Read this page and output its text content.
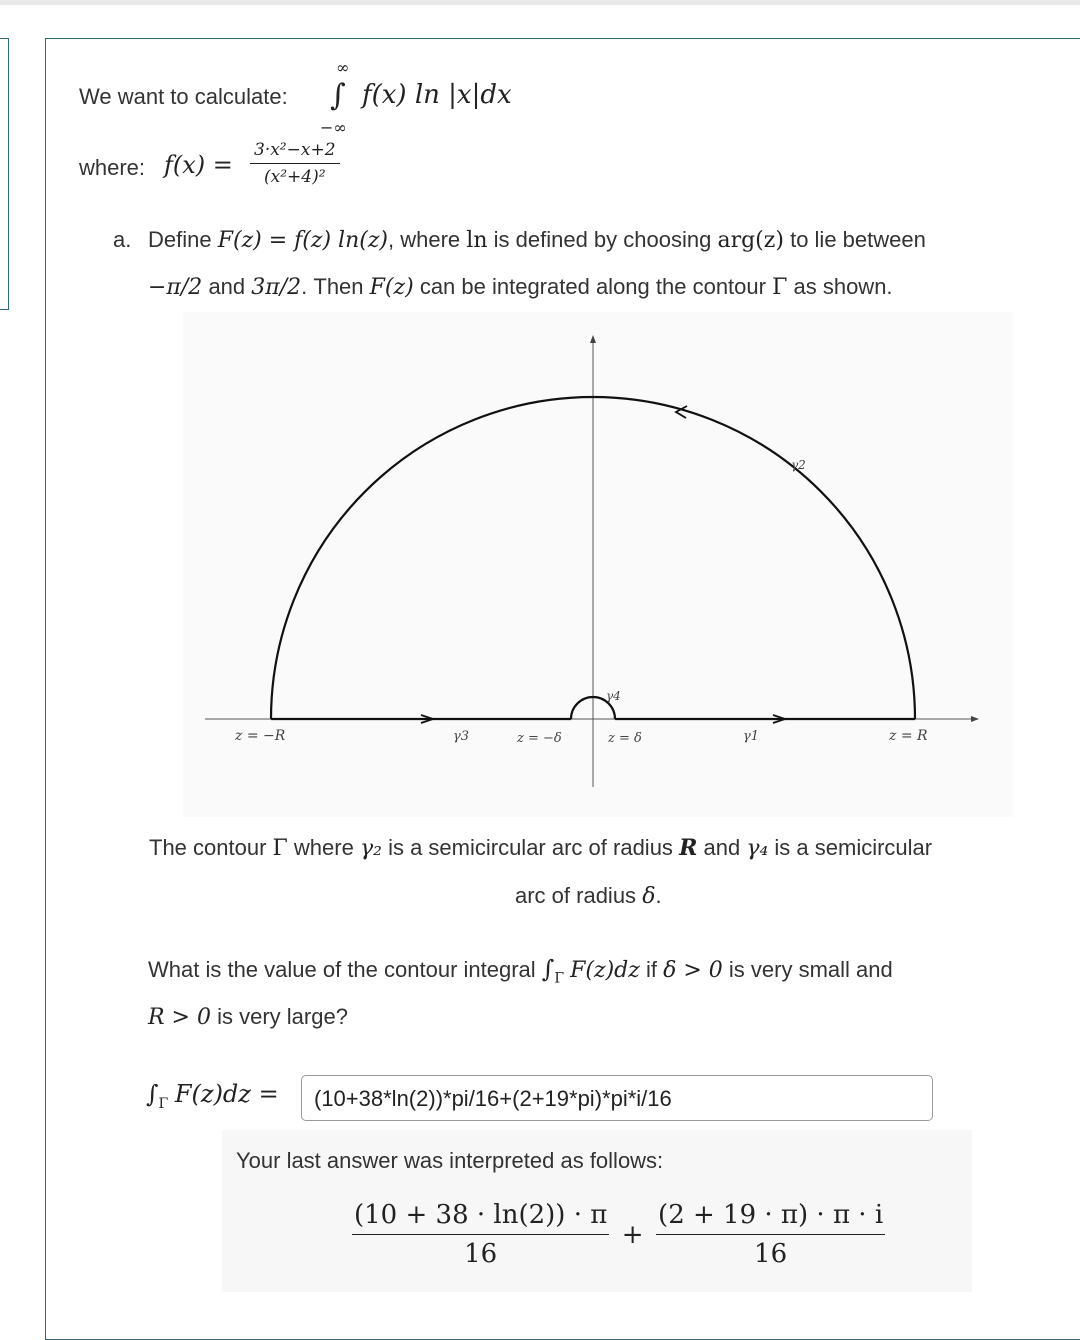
We want to calculate:
∞
∫
−∞
f(x) ln |x|dx
where: $f(x) = \frac{\text{3·x²−x+2}}{\text{(x²+4)²}}$
a. Define F(z) = f(z) ln(z), where ln is defined by choosing arg(z) to lie between
−π/2 and 3π/2. Then F(z) can be integrated along the contour Γ as shown.
z = −R	γ3	z = −δ
γ4
z = δ	γ1	z = R
γ2
The contour Γ where γ₂ is a semicircular arc of radius R and γ₄ is a semicircular
arc of radius δ.
What is the value of the contour integral $\int_\Gamma$ F(z)dz if δ > 0 is very small and
R > 0 is very large?
$\int_\Gamma$ F(z)dz =	(10+38*ln(2))*pi/16+(2+19*pi)*pi*i/16
Your last answer was interpreted as follows:
$\frac{(10 + 38 \cdot \ln(2)) \cdot \pi}{16} + \frac{(2 + 19 \cdot \pi) \cdot \pi \cdot i}{16}$
